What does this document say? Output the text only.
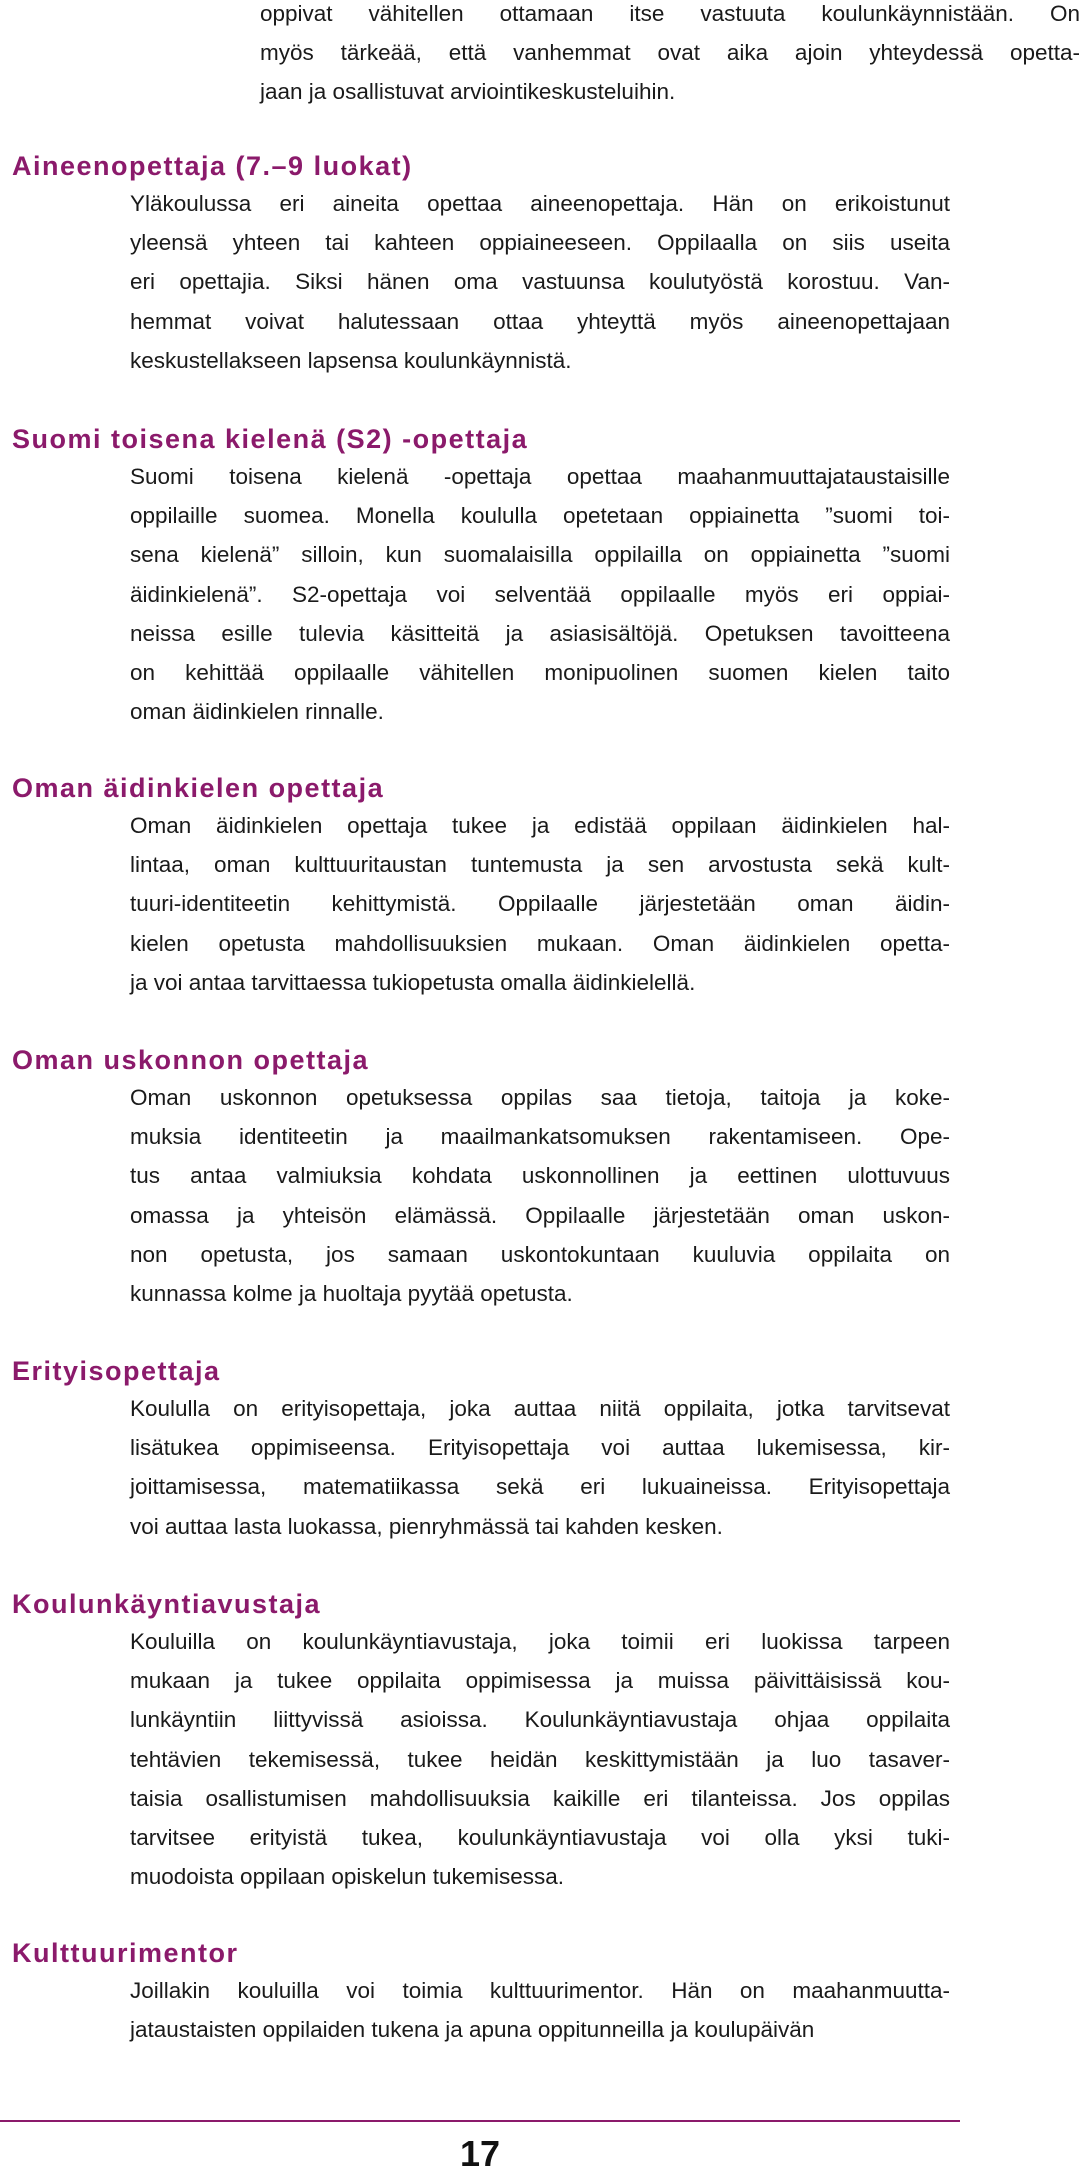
oppivat vähitellen ottamaan itse vastuuta koulunkäynnistään. On
myös tärkeää, että vanhemmat ovat aika ajoin yhteydessä opetta-
jaan ja osallistuvat arviointikeskusteluihin.
Aineenopettaja (7.–9 luokat)

Yläkoulussa eri aineita opettaa aineenopettaja. Hän on erikoistunut
yleensä yhteen tai kahteen oppiaineeseen. Oppilaalla on siis useita
eri opettajia. Siksi hänen oma vastuunsa koulutyöstä korostuu. Van-
hemmat voivat halutessaan ottaa yhteyttä myös aineenopettajaan
keskustellakseen lapsensa koulunkäynnistä.

Suomi toisena kielenä (S2) -opettaja

Suomi toisena kielenä -opettaja opettaa maahanmuuttajataustaisille
oppilaille suomea. Monella koululla opetetaan oppiainetta ”suomi toi-
sena kielenä” silloin, kun suomalaisilla oppilailla on oppiainetta ”suomi
äidinkielenä”. S2-opettaja voi selventää oppilaalle myös eri oppiai-
neissa esille tulevia käsitteitä ja asiasisältöjä. Opetuksen tavoitteena
on kehittää oppilaalle vähitellen monipuolinen suomen kielen taito
oman äidinkielen rinnalle.

Oman äidinkielen opettaja

Oman äidinkielen opettaja tukee ja edistää oppilaan äidinkielen hal-
lintaa, oman kulttuuritaustan tuntemusta ja sen arvostusta sekä kult-
tuuri-identiteetin kehittymistä. Oppilaalle järjestetään oman äidin-
kielen opetusta mahdollisuuksien mukaan. Oman äidinkielen opetta-
ja voi antaa tarvittaessa tukiopetusta omalla äidinkielellä.

Oman uskonnon opettaja

Oman uskonnon opetuksessa oppilas saa tietoja, taitoja ja koke-
muksia identiteetin ja maailmankatsomuksen rakentamiseen. Ope-
tus antaa valmiuksia kohdata uskonnollinen ja eettinen ulottuvuus
omassa ja yhteisön elämässä. Oppilaalle järjestetään oman uskon-
non opetusta, jos samaan uskontokuntaan kuuluvia oppilaita on
kunnassa kolme ja huoltaja pyytää opetusta.

Erityisopettaja

Koululla on erityisopettaja, joka auttaa niitä oppilaita, jotka tarvitsevat
lisätukea oppimiseensa. Erityisopettaja voi auttaa lukemisessa, kir-
joittamisessa, matematiikassa sekä eri lukuaineissa. Erityisopettaja
voi auttaa lasta luokassa, pienryhmässä tai kahden kesken.

Koulunkäyntiavustaja

Kouluilla on koulunkäyntiavustaja, joka toimii eri luokissa tarpeen
mukaan ja tukee oppilaita oppimisessa ja muissa päivittäisissä kou-
lunkäyntiin liittyvissä asioissa. Koulunkäyntiavustaja ohjaa oppilaita
tehtävien tekemisessä, tukee heidän keskittymistään ja luo tasaver-
taisia osallistumisen mahdollisuuksia kaikille eri tilanteissa. Jos oppilas
tarvitsee erityistä tukea, koulunkäyntiavustaja voi olla yksi tuki-
muodoista oppilaan opiskelun tukemisessa.

Kulttuurimentor

Joillakin kouluilla voi toimia kulttuurimentor. Hän on maahanmuutta-
jataustaisten oppilaiden tukena ja apuna oppitunneilla ja koulupäivän

17
